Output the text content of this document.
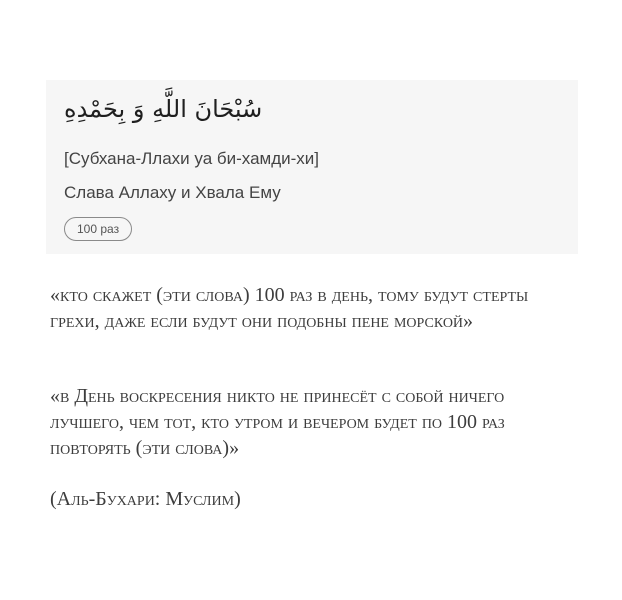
سُبْحَانَ اللَّهِ وَ بِحَمْدِهِ
[Субхана-Ллахи уа би-хамди-хи]
Слава Аллаху и Хвала Ему
100 раз

«кто скажет (эти слова) 100 раз в день, тому будут стерты грехи, даже если будут они подобны пене морской»

«в День воскресения никто не принесёт с собой ничего лучшего, чем тот, кто утром и вечером будет по 100 раз повторять (эти слова)»

(Аль-Бухари: Муслим)
